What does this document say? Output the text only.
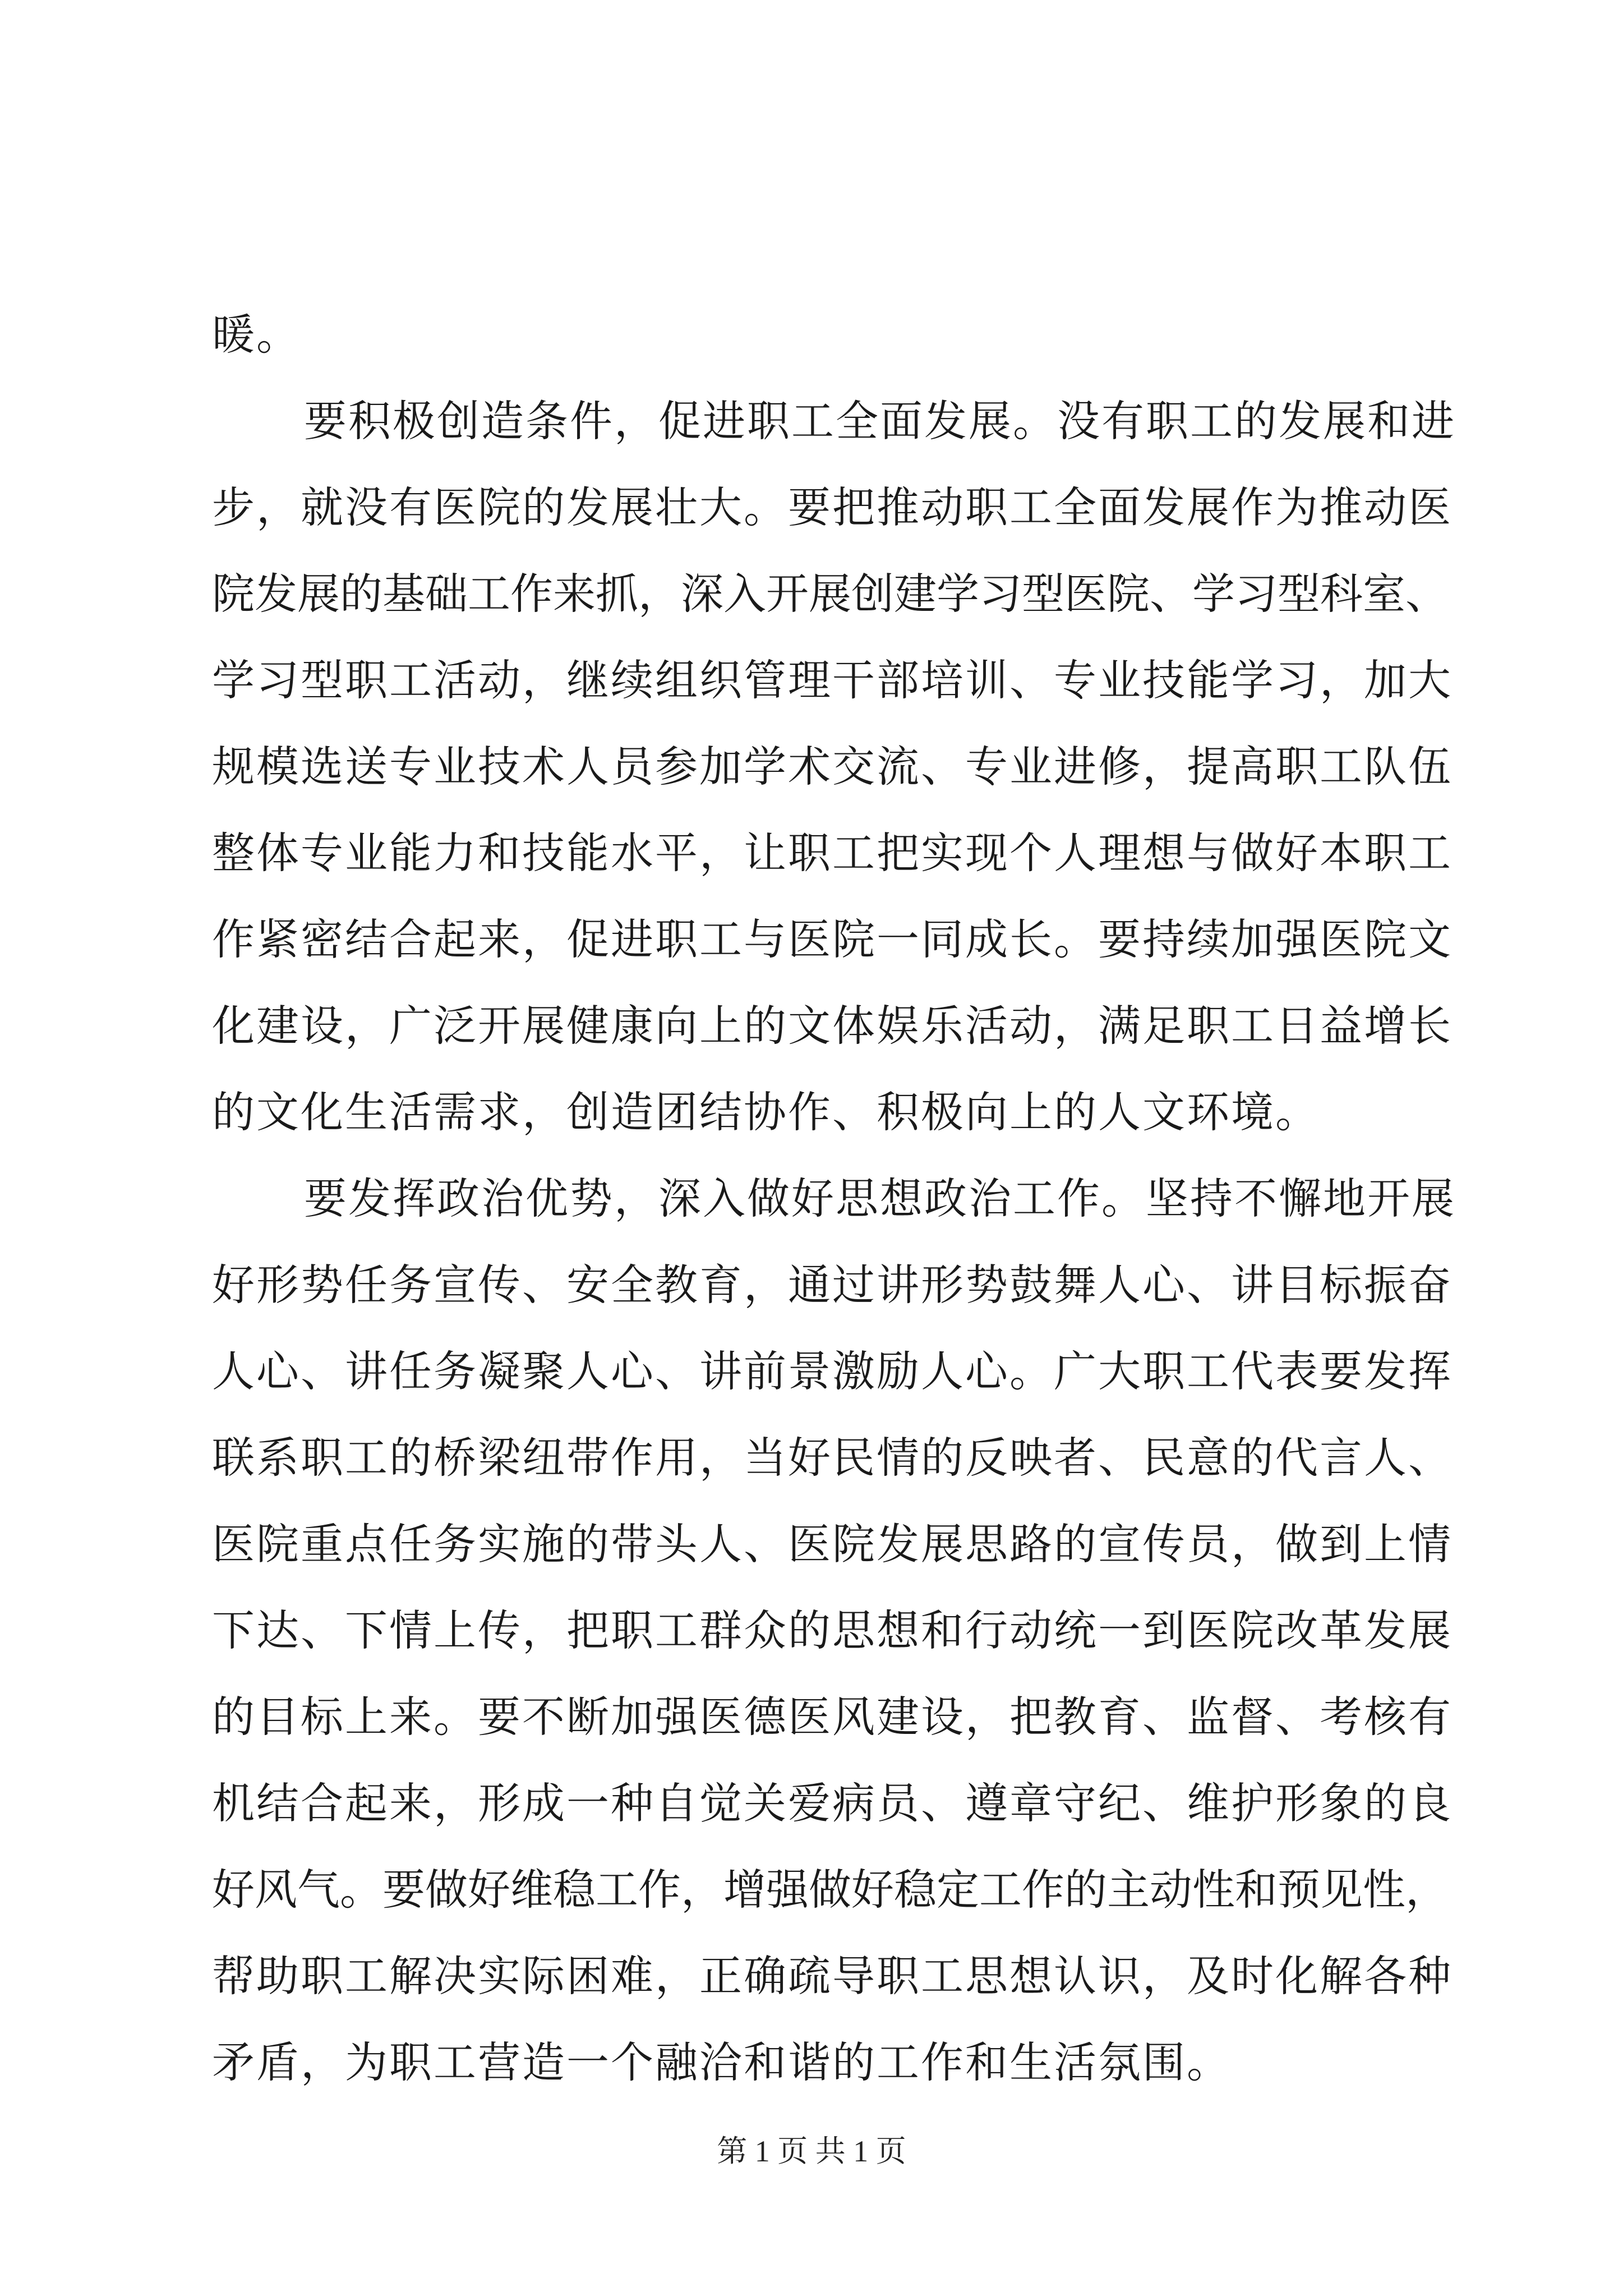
暖。
要积极创造条件，促进职工全面发展。没有职工的发展和进
步，就没有医院的发展壮大。要把推动职工全面发展作为推动医
院发展的基础工作来抓，深入开展创建学习型医院、学习型科室、
学习型职工活动，继续组织管理干部培训、专业技能学习，加大
规模选送专业技术人员参加学术交流、专业进修，提高职工队伍
整体专业能力和技能水平，让职工把实现个人理想与做好本职工
作紧密结合起来，促进职工与医院一同成长。要持续加强医院文
化建设，广泛开展健康向上的文体娱乐活动，满足职工日益增长
的文化生活需求，创造团结协作、积极向上的人文环境。
要发挥政治优势，深入做好思想政治工作。坚持不懈地开展
好形势任务宣传、安全教育，通过讲形势鼓舞人心、讲目标振奋
人心、讲任务凝聚人心、讲前景激励人心。广大职工代表要发挥
联系职工的桥梁纽带作用，当好民情的反映者、民意的代言人、
医院重点任务实施的带头人、医院发展思路的宣传员，做到上情
下达、下情上传，把职工群众的思想和行动统一到医院改革发展
的目标上来。要不断加强医德医风建设，把教育、监督、考核有
机结合起来，形成一种自觉关爱病员、遵章守纪、维护形象的良
好风气。要做好维稳工作，增强做好稳定工作的主动性和预见性，
帮助职工解决实际困难，正确疏导职工思想认识，及时化解各种
矛盾，为职工营造一个融洽和谐的工作和生活氛围。
第 1 页 共 1 页
